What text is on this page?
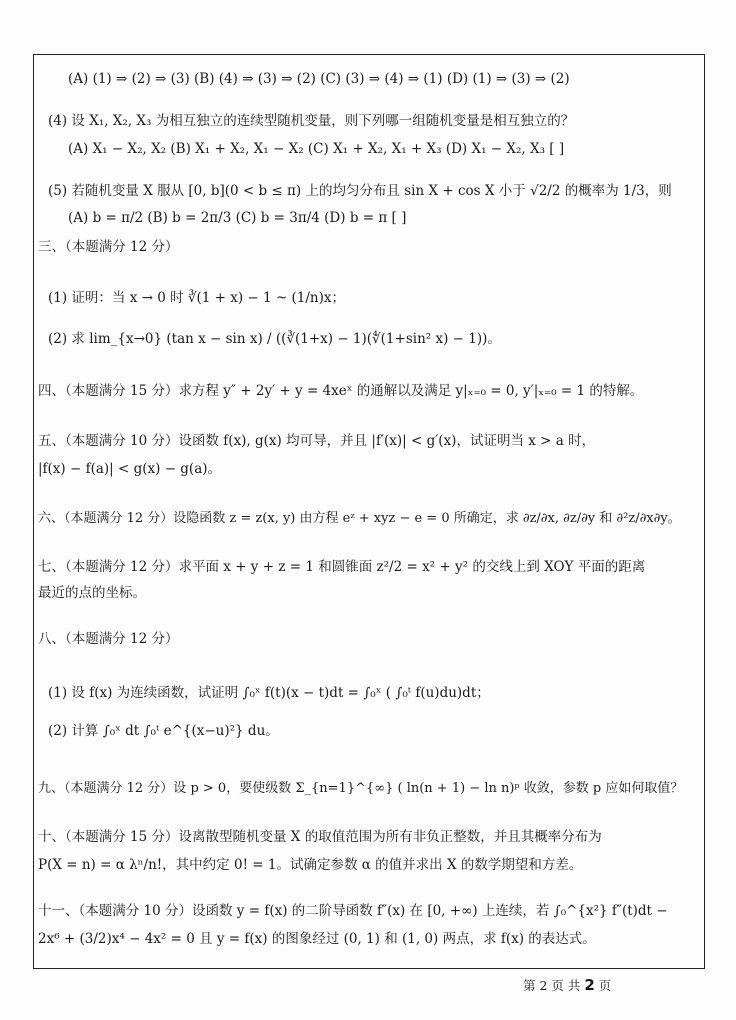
(A) (1) ⇒ (2) ⇒ (3) (B) (4) ⇒ (3) ⇒ (2) (C) (3) ⇒ (4) ⇒ (1) (D) (1) ⇒ (3) ⇒ (2)
(4) 设 X₁, X₂, X₃ 为相互独立的连续型随机变量，则下列哪一组随机变量是相互独立的？
(A) X₁ − X₂, X₂ (B) X₁ + X₂, X₁ − X₂ (C) X₁ + X₂, X₁ + X₃ (D) X₁ − X₂, X₃ [ ]
(5) 若随机变量 X 服从 [0, b](0 < b ≤ π) 上的均匀分布且 sin X + cos X 小于 √2/2 的概率为 1/3，则
(A) b = π/2 (B) b = 2π/3 (C) b = 3π/4 (D) b = π [ ]
三、（本题满分 12 分）
(1) 证明：当 x → 0 时 ∛(1 + x) − 1 ~ (1/n)x；
(2) 求 lim_{x→0} (tan x − sin x) / ((∛(1+x) − 1)(∜(1+sin² x) − 1))。
四、（本题满分 15 分）求方程 y″ + 2y′ + y = 4xeˣ 的通解以及满足 y|ₓ₌₀ = 0, y′|ₓ₌₀ = 1 的特解。
五、（本题满分 10 分）设函数 f(x), g(x) 均可导，并且 |f′(x)| < g′(x)，试证明当 x > a 时，
|f(x) − f(a)| < g(x) − g(a)。
六、（本题满分 12 分）设隐函数 z = z(x, y) 由方程 eᶻ + xyz − e = 0 所确定，求 ∂z/∂x, ∂z/∂y 和 ∂²z/∂x∂y。
七、（本题满分 12 分）求平面 x + y + z = 1 和圆锥面 z²/2 = x² + y² 的交线上到 XOY 平面的距离
最近的点的坐标。
八、（本题满分 12 分）
(1) 设 f(x) 为连续函数，试证明 ∫₀ˣ f(t)(x − t)dt = ∫₀ˣ ( ∫₀ᵗ f(u)du)dt；
(2) 计算 ∫₀ˣ dt ∫₀ᵗ e^{(x−u)²} du。
九、（本题满分 12 分）设 p > 0，要使级数 Σ_{n=1}^{∞} ( ln(n + 1) − ln n)ᵖ 收敛，参数 p 应如何取值？
十、（本题满分 15 分）设离散型随机变量 X 的取值范围为所有非负正整数，并且其概率分布为
P(X = n) = α λⁿ/n!，其中约定 0! = 1。试确定参数 α 的值并求出 X 的数学期望和方差。
十一、（本题满分 10 分）设函数 y = f(x) 的二阶导函数 f″(x) 在 [0, +∞) 上连续，若 ∫₀^{x²} f″(t)dt −
2x⁶ + (3/2)x⁴ − 4x² = 0 且 y = f(x) 的图象经过 (0, 1) 和 (1, 0) 两点，求 f(x) 的表达式。
第 2 页 共 2 页
